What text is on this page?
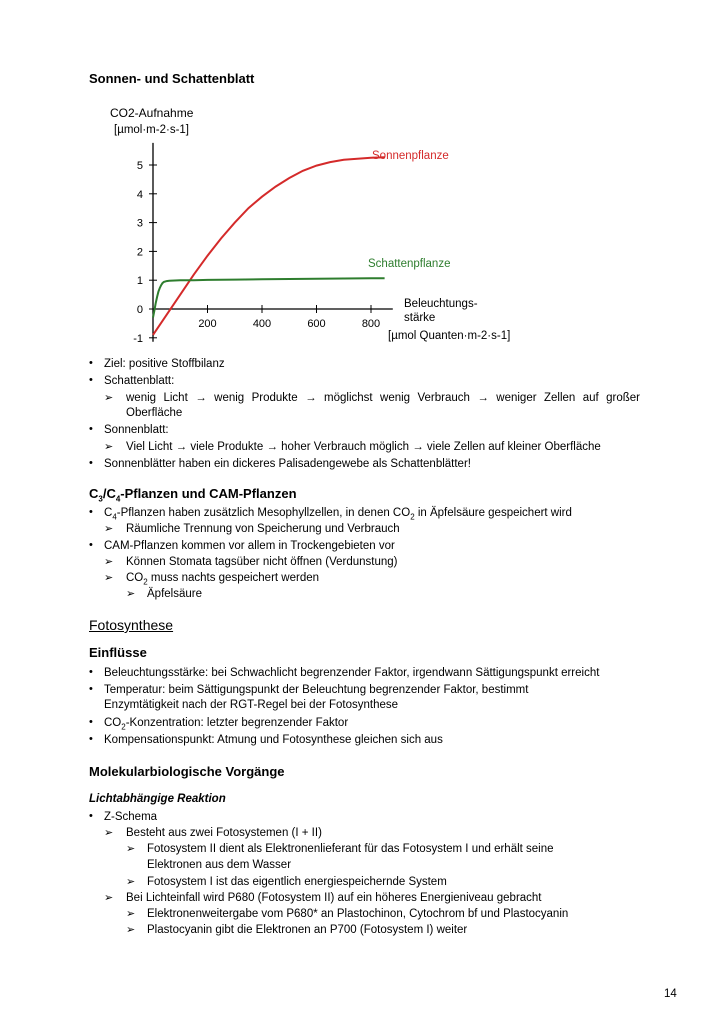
Sonnen- und Schattenblatt
5
4
3
2
1
0
-1
200	400	600	800
CO2-Aufnahme
[µmol·m-2·s-1]
Beleuchtungs-
stärke
[µmol Quanten·m-2·s-1]
Sonnenpflanze
Schattenpflanze
• Ziel: positive Stoffbilanz
• Schattenblatt:
➢ wenig Licht → wenig Produkte → möglichst wenig Verbrauch → weniger Zellen auf großer
Oberfläche
• Sonnenblatt:
➢ Viel Licht → viele Produkte → hoher Verbrauch möglich → viele Zellen auf kleiner Oberfläche
• Sonnenblätter haben ein dickeres Palisadengewebe als Schattenblätter!
$C_3/C_4$-Pflanzen und CAM-Pflanzen
• $C_4$-Pflanzen haben zusätzlich Mesophyllzellen, in denen $CO_2$ in Äpfelsäure gespeichert wird
➢ Räumliche Trennung von Speicherung und Verbrauch
• CAM-Pflanzen kommen vor allem in Trockengebieten vor
➢ Können Stomata tagsüber nicht öffnen (Verdunstung)
➢ $CO_2$ muss nachts gespeichert werden
➢ Äpfelsäure
Fotosynthese
Einflüsse
• Beleuchtungsstärke: bei Schwachlicht begrenzender Faktor, irgendwann Sättigungspunkt erreicht
• Temperatur: beim Sättigungspunkt der Beleuchtung begrenzender Faktor, bestimmt
Enzymtätigkeit nach der RGT-Regel bei der Fotosynthese
• $CO_2$-Konzentration: letzter begrenzender Faktor
• Kompensationspunkt: Atmung und Fotosynthese gleichen sich aus
Molekularbiologische Vorgänge
Lichtabhängige Reaktion
• Z-Schema
➢ Besteht aus zwei Fotosystemen (I + II)
➢ Fotosystem II dient als Elektronenlieferant für das Fotosystem I und erhält seine
Elektronen aus dem Wasser
➢ Fotosystem I ist das eigentlich energiespeichernde System
➢ Bei Lichteinfall wird P680 (Fotosystem II) auf ein höheres Energieniveau gebracht
➢ Elektronenweitergabe vom P680* an Plastochinon, Cytochrom bf und Plastocyanin
➢ Plastocyanin gibt die Elektronen an P700 (Fotosystem I) weiter
14
